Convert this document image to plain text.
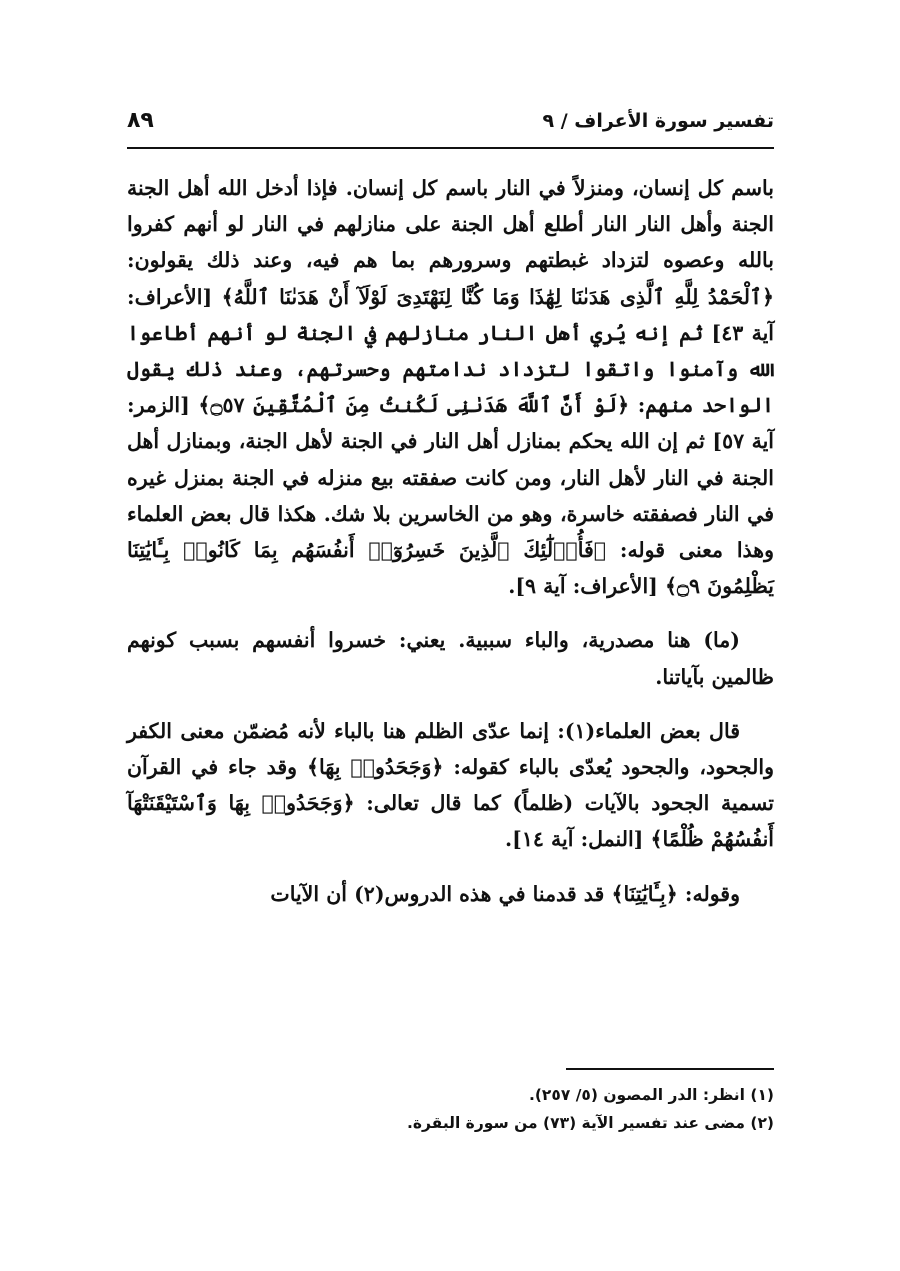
تفسير سورة الأعراف / ٩
٨٩

باسم كل إنسان، ومنزلاً في النار باسم كل إنسان. فإذا أدخل الله أهل الجنة الجنة وأهل النار النار أطلع أهل الجنة على منازلهم في النار لو أنهم كفروا بالله وعصوه لتزداد غبطتهم وسرورهم بما هم فيه، وعند ذلك يقولون: ﴿ٱلْحَمْدُ لِلَّهِ ٱلَّذِى هَدَىٰنَا لِهَٰذَا وَمَا كُنَّا لِنَهْتَدِىَ لَوْلَآ أَنْ هَدَىٰنَا ٱللَّهُ﴾ [الأعراف: آية ٤٣] ثم إنه يُري أهل النار منازلهم في الجنة لو أنهم أطاعوا الله وآمنوا واتقوا لتزداد ندامتهم وحسرتهم، وعند ذلك يقول الواحد منهم: ﴿لَوْ أَنَّ ٱللَّهَ هَدَىٰنِى لَكُنتُ مِنَ ٱلْمُتَّقِينَ ۝٥٧﴾ [الزمر: آية ٥٧] ثم إن الله يحكم بمنازل أهل النار في الجنة لأهل الجنة، وبمنازل أهل الجنة في النار لأهل النار، ومن كانت صفقته بيع منزله في الجنة بمنزل غيره في النار فصفقته خاسرة، وهو من الخاسرين بلا شك. هكذا قال بعض العلماء وهذا معنى قوله: ﴿فَأُو۟لَٰٓئِكَ ٱلَّذِينَ خَسِرُوٓا۟ أَنفُسَهُم بِمَا كَانُوا۟ بِـَٔايَٰتِنَا يَظْلِمُونَ ۝٩﴾ [الأعراف: آية ٩].

(ما) هنا مصدرية، والباء سببية. يعني: خسروا أنفسهم بسبب كونهم ظالمين بآياتنا.

قال بعض العلماء(١): إنما عدّى الظلم هنا بالباء لأنه مُضمّن معنى الكفر والجحود، والجحود يُعدّى بالباء كقوله: ﴿وَجَحَدُوا۟ بِهَا﴾ وقد جاء في القرآن تسمية الجحود بالآيات (ظلماً) كما قال تعالى: ﴿وَجَحَدُوا۟ بِهَا وَٱسْتَيْقَنَتْهَآ أَنفُسُهُمْ ظُلْمًا﴾ [النمل: آية ١٤].

وقوله: ﴿بِـَٔايَٰتِنَا﴾ قد قدمنا في هذه الدروس(٢) أن الآيات

(١) انظر: الدر المصون (٥/ ٢٥٧).

(٢) مضى عند تفسير الآية (٧٣) من سورة البقرة.
